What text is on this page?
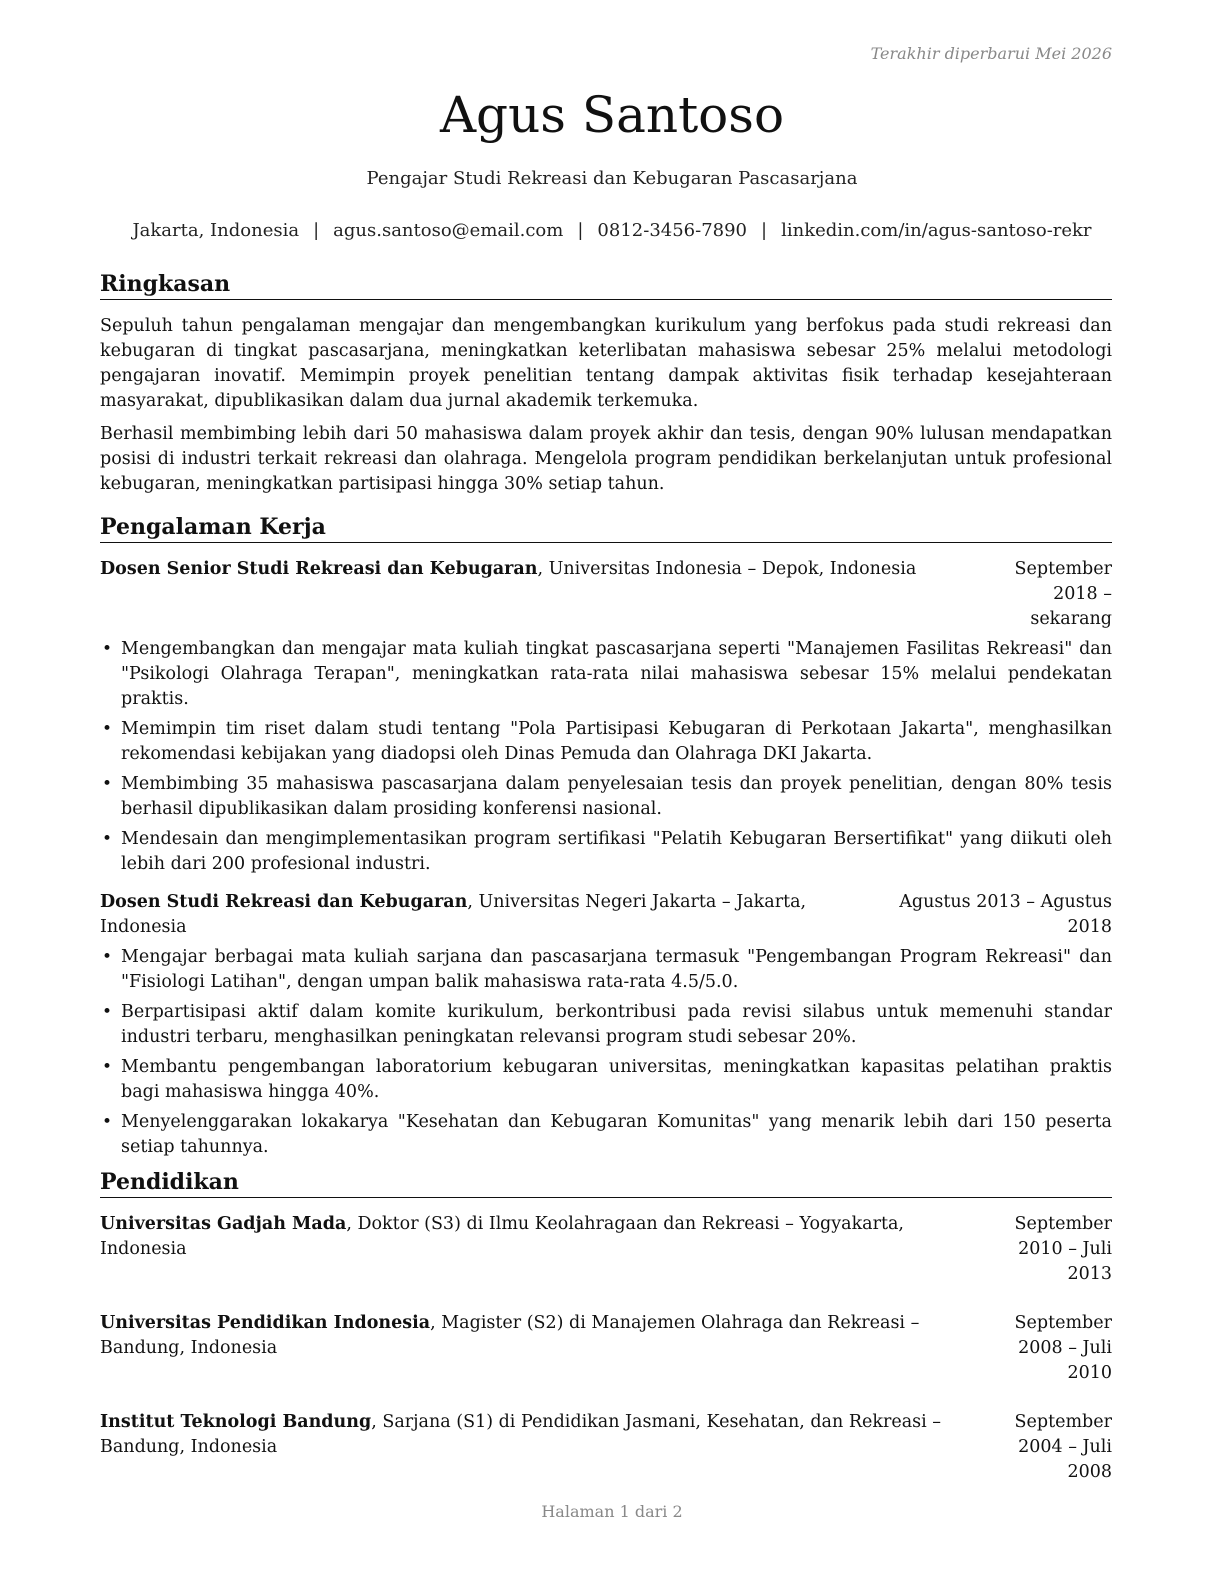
Terakhir diperbarui Mei 2026
Agus Santoso
Pengajar Studi Rekreasi dan Kebugaran Pascasarjana
Jakarta, Indonesia | agus.santoso@email.com | 0812-3456-7890 | linkedin.com/in/agus-santoso-rekr
Ringkasan

Sepuluh tahun pengalaman mengajar dan mengembangkan kurikulum yang berfokus pada studi rekreasi dan kebugaran di tingkat pascasarjana, meningkatkan keterlibatan mahasiswa sebesar 25% melalui metodologi pengajaran inovatif. Memimpin proyek penelitian tentang dampak aktivitas fisik terhadap kesejahteraan masyarakat, dipublikasikan dalam dua jurnal akademik terkemuka.

Berhasil membimbing lebih dari 50 mahasiswa dalam proyek akhir dan tesis, dengan 90% lulusan mendapatkan posisi di industri terkait rekreasi dan olahraga. Mengelola program pendidikan berkelanjutan untuk profesional kebugaran, meningkatkan partisipasi hingga 30% setiap tahun.

Pengalaman Kerja
Dosen Senior Studi Rekreasi dan Kebugaran, Universitas Indonesia – Depok, Indonesia	September 2018 – sekarang
• Mengembangkan dan mengajar mata kuliah tingkat pascasarjana seperti "Manajemen Fasilitas Rekreasi" dan "Psikologi Olahraga Terapan", meningkatkan rata-rata nilai mahasiswa sebesar 15% melalui pendekatan praktis.
• Memimpin tim riset dalam studi tentang "Pola Partisipasi Kebugaran di Perkotaan Jakarta", menghasilkan rekomendasi kebijakan yang diadopsi oleh Dinas Pemuda dan Olahraga DKI Jakarta.
• Membimbing 35 mahasiswa pascasarjana dalam penyelesaian tesis dan proyek penelitian, dengan 80% tesis berhasil dipublikasikan dalam prosiding konferensi nasional.
• Mendesain dan mengimplementasikan program sertifikasi "Pelatih Kebugaran Bersertifikat" yang diikuti oleh lebih dari 200 profesional industri.
Dosen Studi Rekreasi dan Kebugaran, Universitas Negeri Jakarta – Jakarta, Indonesia
Agustus 2013 – Agustus 2018
• Mengajar berbagai mata kuliah sarjana dan pascasarjana termasuk "Pengembangan Program Rekreasi" dan "Fisiologi Latihan", dengan umpan balik mahasiswa rata-rata 4.5/5.0.
• Berpartisipasi aktif dalam komite kurikulum, berkontribusi pada revisi silabus untuk memenuhi standar industri terbaru, menghasilkan peningkatan relevansi program studi sebesar 20%.
• Membantu pengembangan laboratorium kebugaran universitas, meningkatkan kapasitas pelatihan praktis bagi mahasiswa hingga 40%.
• Menyelenggarakan lokakarya "Kesehatan dan Kebugaran Komunitas" yang menarik lebih dari 150 peserta setiap tahunnya.
Pendidikan
Universitas Gadjah Mada, Doktor (S3) di Ilmu Keolahragaan dan Rekreasi – Yogyakarta, Indonesia
September 2010 – Juli 2013
Universitas Pendidikan Indonesia, Magister (S2) di Manajemen Olahraga dan Rekreasi – Bandung, Indonesia
September 2008 – Juli 2010
Institut Teknologi Bandung, Sarjana (S1) di Pendidikan Jasmani, Kesehatan, dan Rekreasi – Bandung, Indonesia
September 2004 – Juli 2008
Halaman 1 dari 2
